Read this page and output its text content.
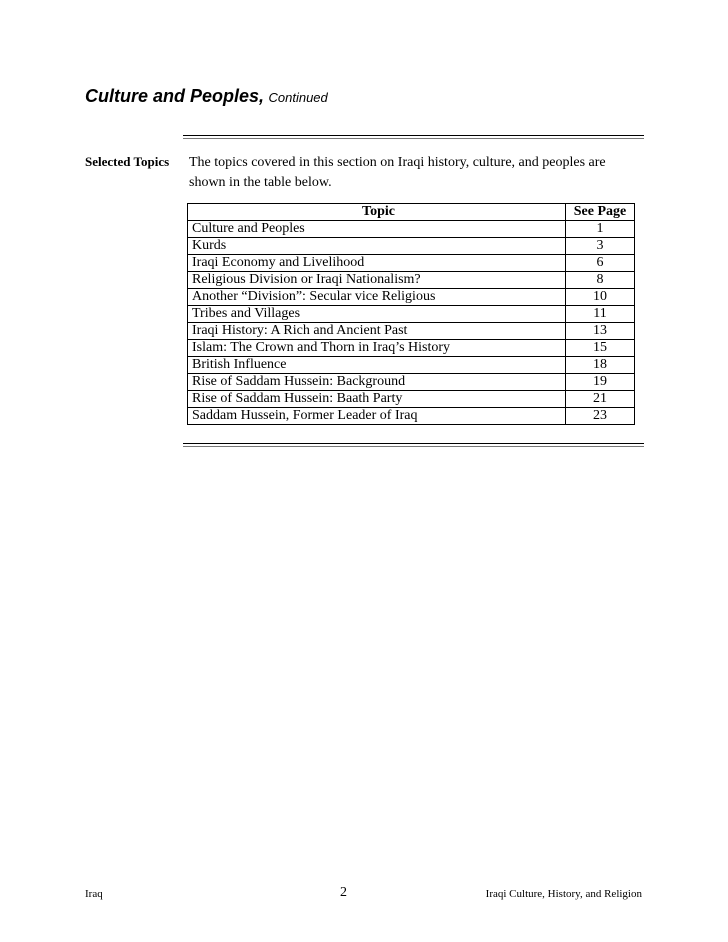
Culture and Peoples, Continued
Selected Topics The topics covered in this section on Iraqi history, culture, and peoples are shown in the table below.
Topic	See Page
Culture and Peoples	1
Kurds	3
Iraqi Economy and Livelihood	6
Religious Division or Iraqi Nationalism?	8
Another “Division”: Secular vice Religious	10
Tribes and Villages	11
Iraqi History: A Rich and Ancient Past	13
Islam: The Crown and Thorn in Iraq’s History	15
British Influence	18
Rise of Saddam Hussein: Background	19
Rise of Saddam Hussein: Baath Party	21
Saddam Hussein, Former Leader of Iraq	23
Iraq	2	Iraqi Culture, History, and Religion
